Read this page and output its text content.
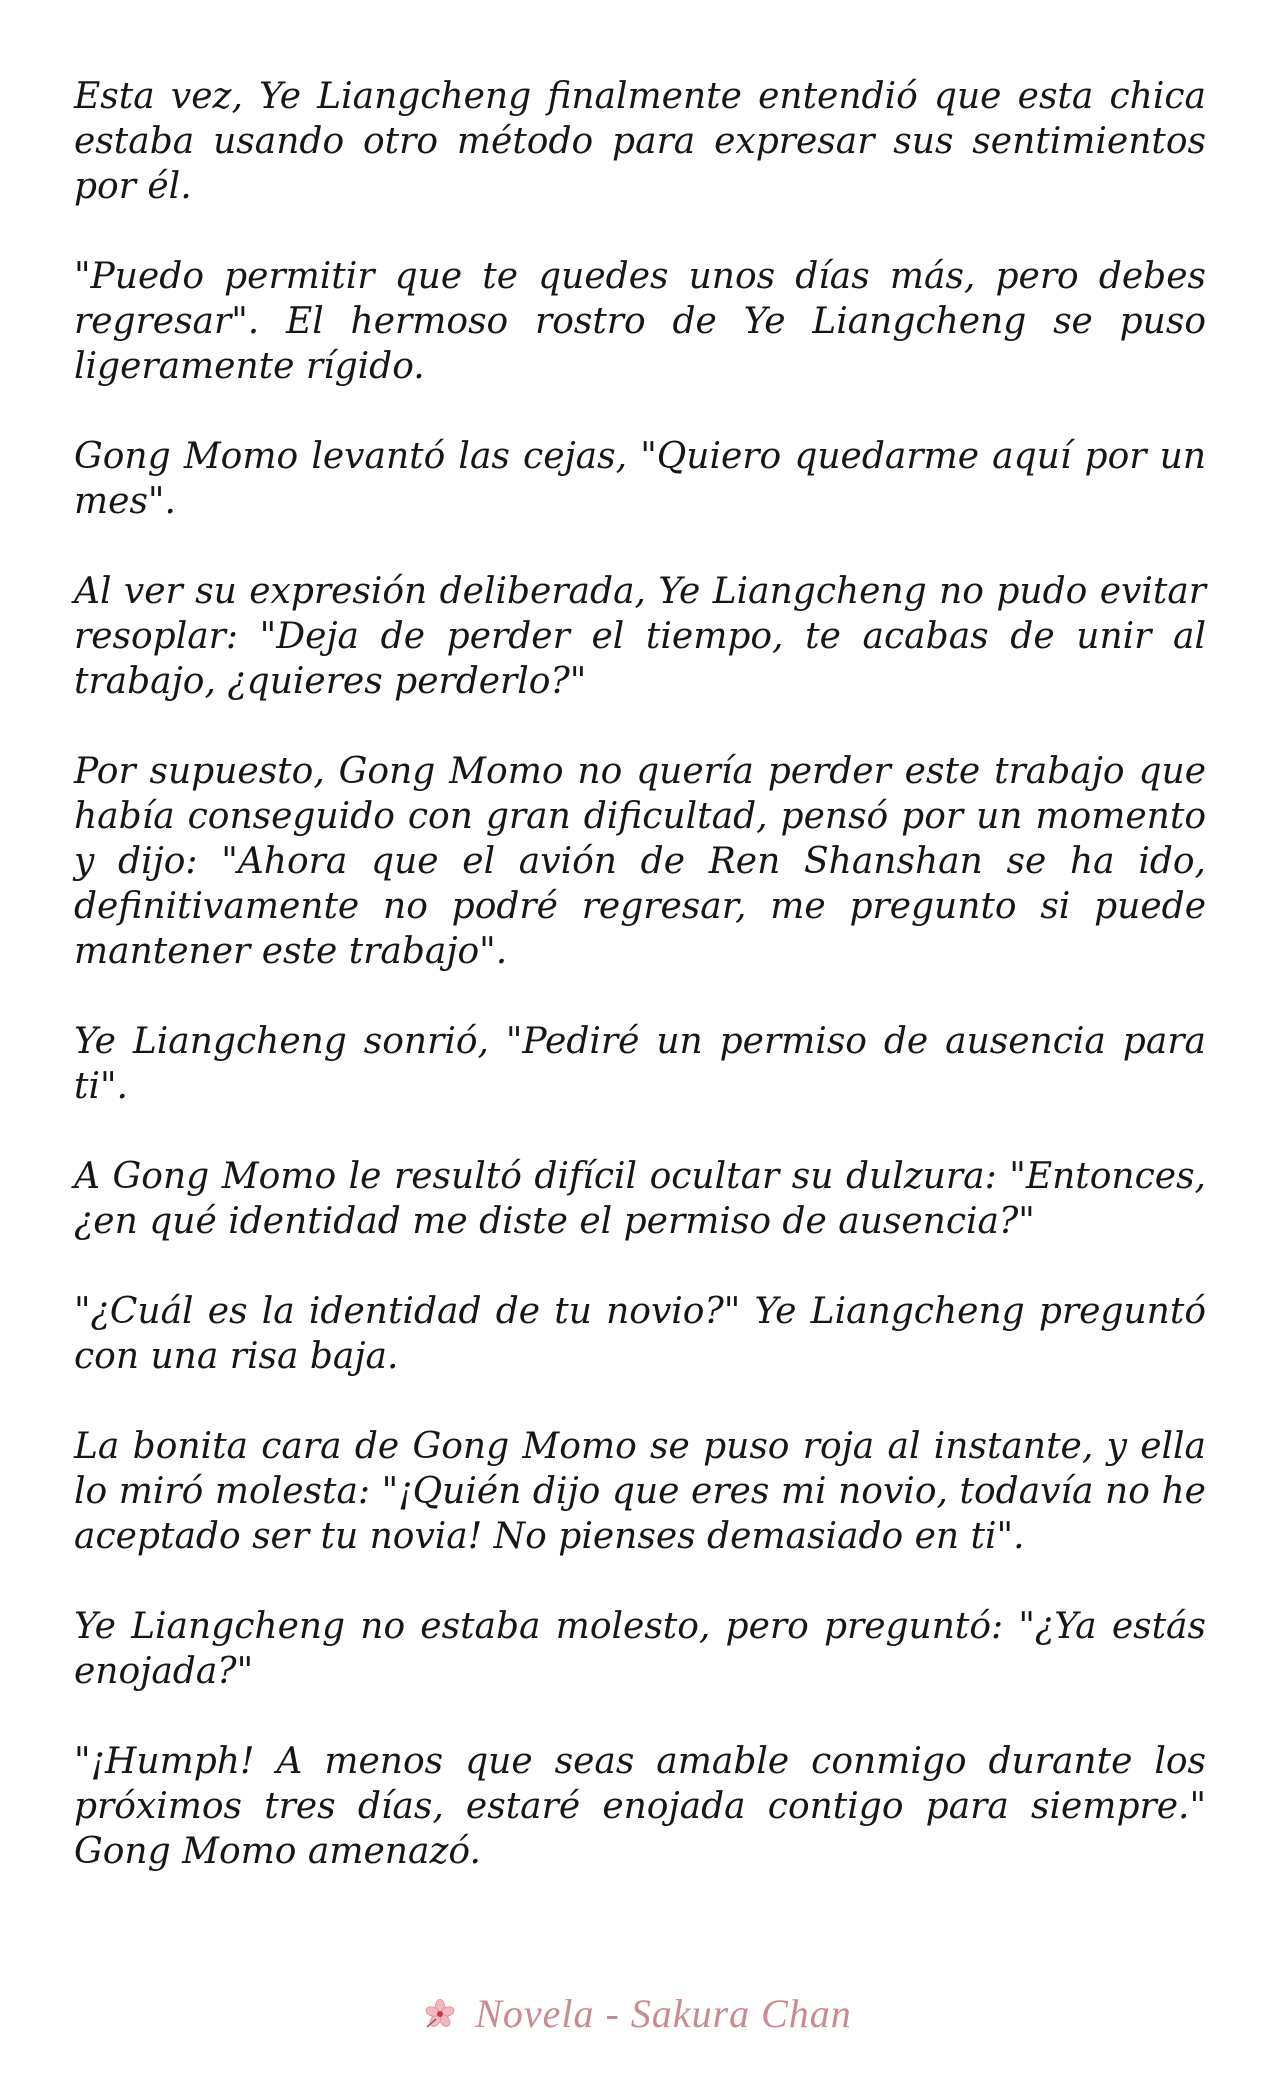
Esta vez, Ye Liangcheng finalmente entendió que esta chica estaba usando otro método para expresar sus sentimientos por él.

"Puedo permitir que te quedes unos días más, pero debes regresar". El hermoso rostro de Ye Liangcheng se puso ligeramente rígido.

Gong Momo levantó las cejas, "Quiero quedarme aquí por un mes".

Al ver su expresión deliberada, Ye Liangcheng no pudo evitar resoplar: "Deja de perder el tiempo, te acabas de unir al trabajo, ¿quieres perderlo?"

Por supuesto, Gong Momo no quería perder este trabajo que había conseguido con gran dificultad, pensó por un momento y dijo: "Ahora que el avión de Ren Shanshan se ha ido, definitivamente no podré regresar, me pregunto si puede mantener este trabajo".

Ye Liangcheng sonrió, "Pediré un permiso de ausencia para ti".

A Gong Momo le resultó difícil ocultar su dulzura: "Entonces, ¿en qué identidad me diste el permiso de ausencia?"

"¿Cuál es la identidad de tu novio?" Ye Liangcheng preguntó con una risa baja.

La bonita cara de Gong Momo se puso roja al instante, y ella lo miró molesta: "¡Quién dijo que eres mi novio, todavía no he aceptado ser tu novia! No pienses demasiado en ti".

Ye Liangcheng no estaba molesto, pero preguntó: "¿Ya estás enojada?"

"¡Humph! A menos que seas amable conmigo durante los próximos tres días, estaré enojada contigo para siempre." Gong Momo amenazó.

Novela - Sakura Chan
